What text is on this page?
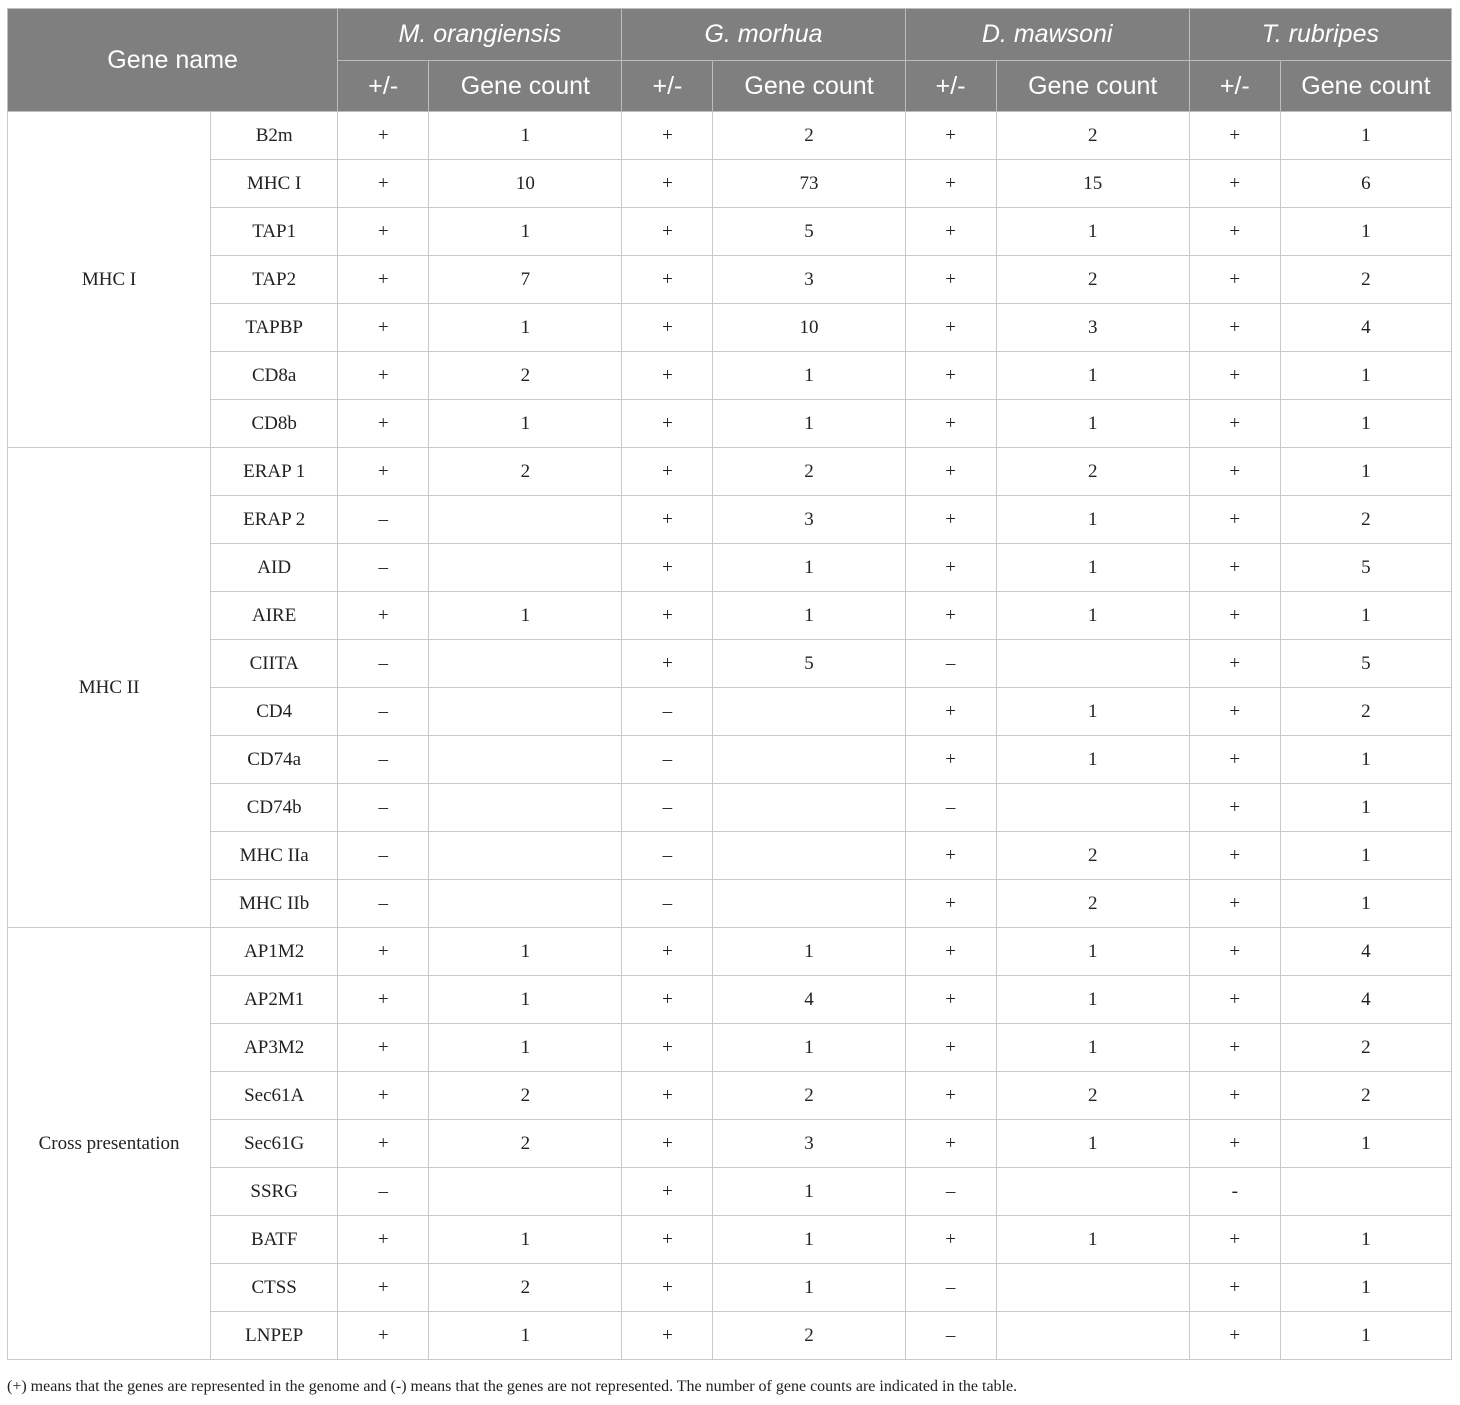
Gene name		M. orangiensis		G. morhua		D. mawsoni		T. rubripes	
		+/-	Gene count	+/-	Gene count	+/-	Gene count	+/-	Gene count
MHC I	B2m	+	1	+	2	+	2	+	1
	MHC I	+	10	+	73	+	15	+	6
	TAP1	+	1	+	5	+	1	+	1
	TAP2	+	7	+	3	+	2	+	2
	TAPBP	+	1	+	10	+	3	+	4
	CD8a	+	2	+	1	+	1	+	1
	CD8b	+	1	+	1	+	1	+	1
MHC II	ERAP 1	+	2	+	2	+	2	+	1
	ERAP 2	–		+	3	+	1	+	2
	AID	–		+	1	+	1	+	5
	AIRE	+	1	+	1	+	1	+	1
	CIITA	–		+	5	–		+	5
	CD4	–		–		+	1	+	2
	CD74a	–		–		+	1	+	1
	CD74b	–		–		–		+	1
	MHC IIa	–		–		+	2	+	1
	MHC IIb	–		–		+	2	+	1
Cross presentation	AP1M2	+	1	+	1	+	1	+	4
	AP2M1	+	1	+	4	+	1	+	4
	AP3M2	+	1	+	1	+	1	+	2
	Sec61A	+	2	+	2	+	2	+	2
	Sec61G	+	2	+	3	+	1	+	1
	SSRG	–		+	1	–		-	
	BATF	+	1	+	1	+	1	+	1
	CTSS	+	2	+	1	–		+	1
	LNPEP	+	1	+	2	–		+	1
(+) means that the genes are represented in the genome and (-) means that the genes are not represented. The number of gene counts are indicated in the table.
